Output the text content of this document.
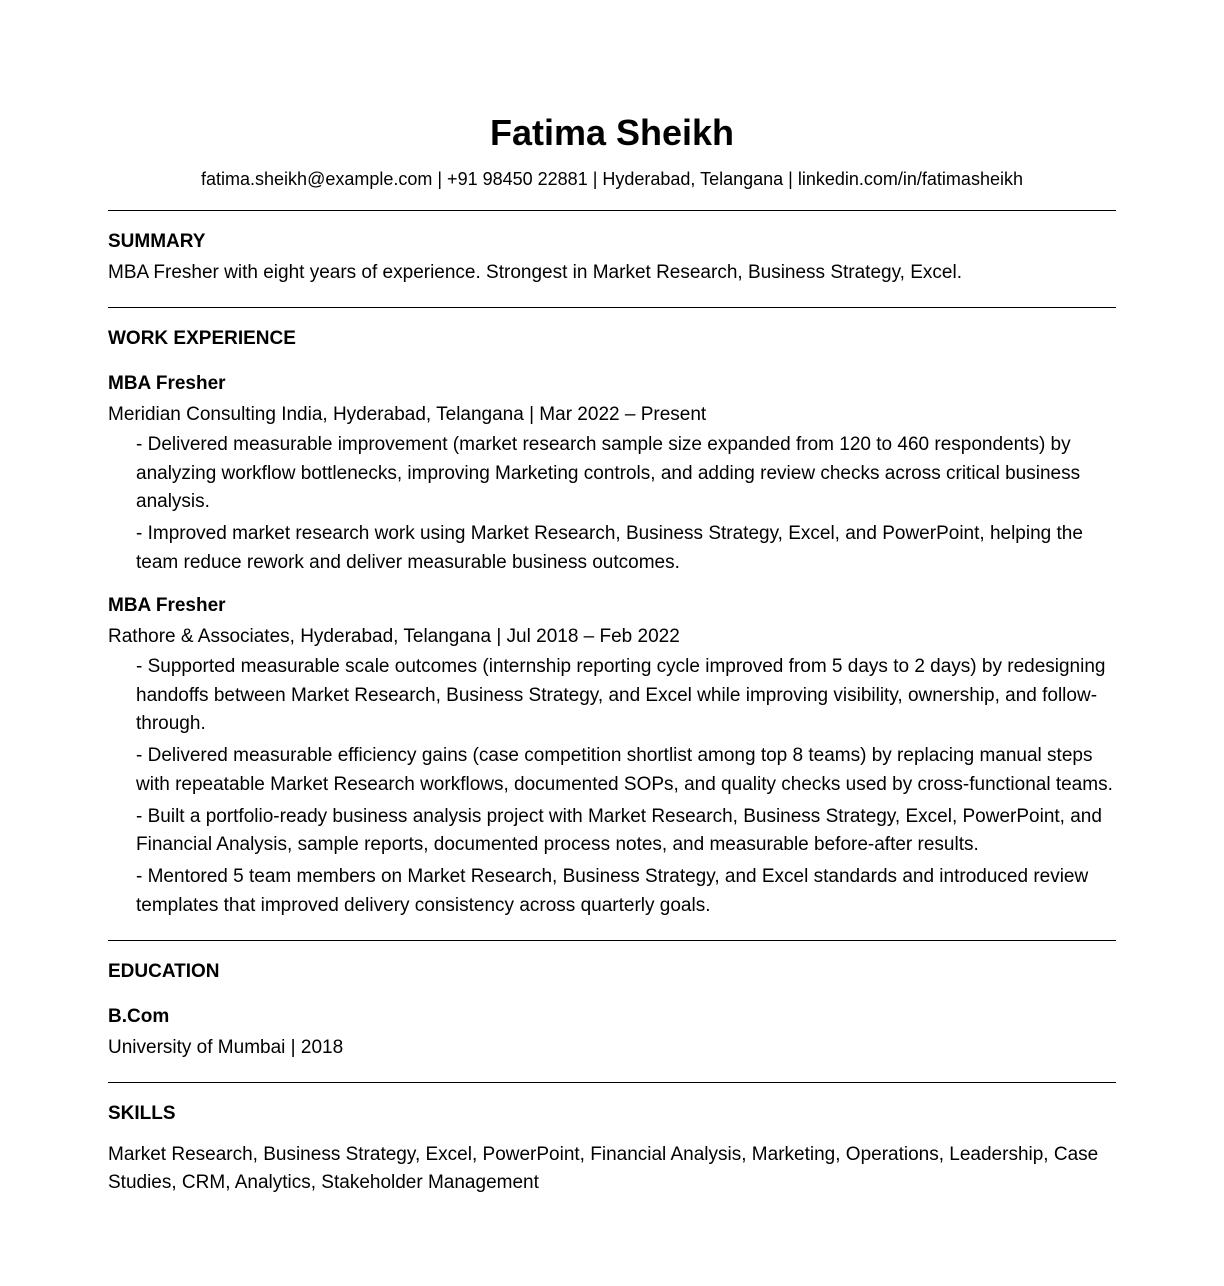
Fatima Sheikh
fatima.sheikh@example.com | +91 98450 22881 | Hyderabad, Telangana | linkedin.com/in/fatimasheikh
SUMMARY
MBA Fresher with eight years of experience. Strongest in Market Research, Business Strategy, Excel.
WORK EXPERIENCE
MBA Fresher
Meridian Consulting India, Hyderabad, Telangana | Mar 2022 – Present
- Delivered measurable improvement (market research sample size expanded from 120 to 460 respondents) by analyzing workflow bottlenecks, improving Marketing controls, and adding review checks across critical business analysis.
- Improved market research work using Market Research, Business Strategy, Excel, and PowerPoint, helping the team reduce rework and deliver measurable business outcomes.
MBA Fresher
Rathore & Associates, Hyderabad, Telangana | Jul 2018 – Feb 2022
- Supported measurable scale outcomes (internship reporting cycle improved from 5 days to 2 days) by redesigning handoffs between Market Research, Business Strategy, and Excel while improving visibility, ownership, and follow-through.
- Delivered measurable efficiency gains (case competition shortlist among top 8 teams) by replacing manual steps with repeatable Market Research workflows, documented SOPs, and quality checks used by cross-functional teams.
- Built a portfolio-ready business analysis project with Market Research, Business Strategy, Excel, PowerPoint, and Financial Analysis, sample reports, documented process notes, and measurable before-after results.
- Mentored 5 team members on Market Research, Business Strategy, and Excel standards and introduced review templates that improved delivery consistency across quarterly goals.
EDUCATION
B.Com
University of Mumbai | 2018
SKILLS
Market Research, Business Strategy, Excel, PowerPoint, Financial Analysis, Marketing, Operations, Leadership, Case Studies, CRM, Analytics, Stakeholder Management
